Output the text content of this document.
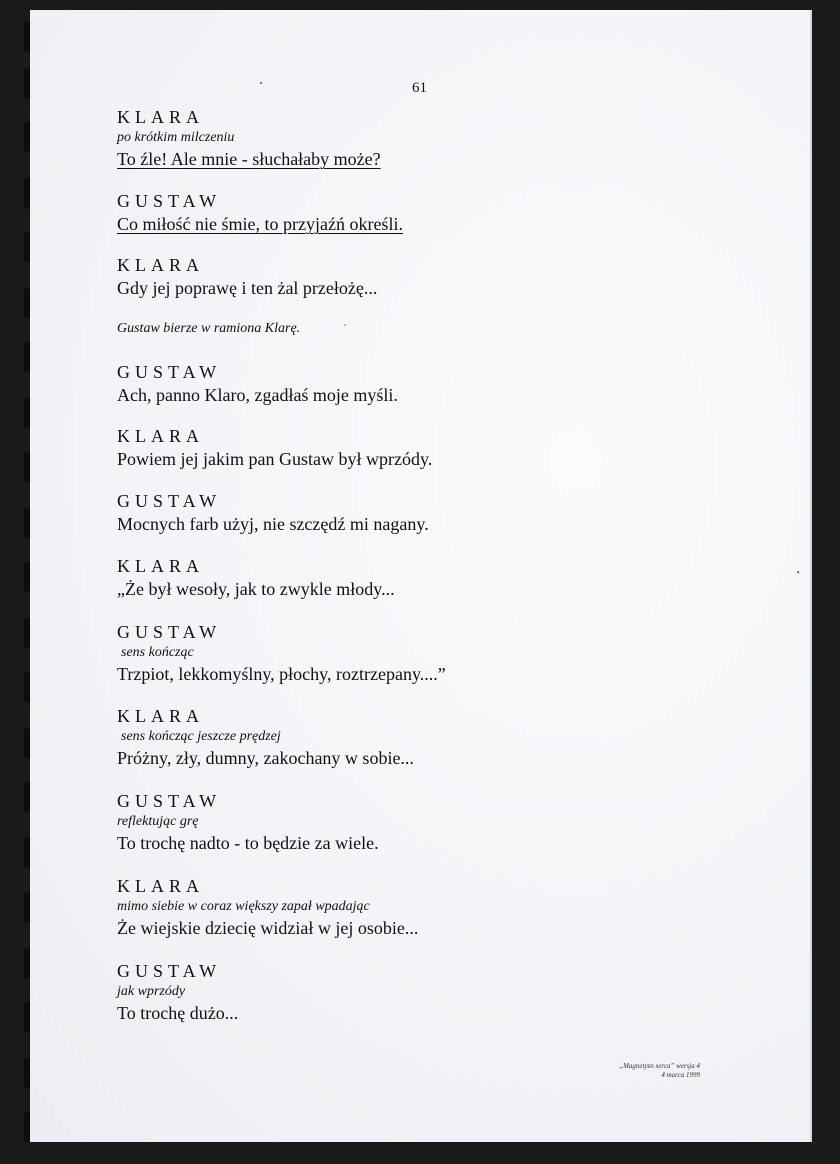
61

KLARA

po krótkim milczeniu

To źle! Ale mnie - słuchałaby może?

GUSTAW

Co miłość nie śmie, to przyjaźń określi.

KLARA

Gdy jej poprawę i ten żal przełożę...

Gustaw bierze w ramiona Klarę.

GUSTAW

Ach, panno Klaro, zgadłaś moje myśli.

KLARA

Powiem jej jakim pan Gustaw był wprzódy.

GUSTAW

Mocnych farb użyj, nie szczędź mi nagany.

KLARA

„Że był wesoły, jak to zwykle młody...

GUSTAW

sens kończąc

Trzpiot, lekkomyślny, płochy, roztrzepany....”

KLARA

sens kończąc jeszcze prędzej

Próżny, zły, dumny, zakochany w sobie...

GUSTAW

reflektując grę

To trochę nadto - to będzie za wiele.

KLARA

mimo siebie w coraz większy zapał wpadając

Że wiejskie dziecię widział w jej osobie...

GUSTAW

jak wprzódy

To trochę dużo...

„Magnetyzn serca” wersja 4
4 marca 1999
